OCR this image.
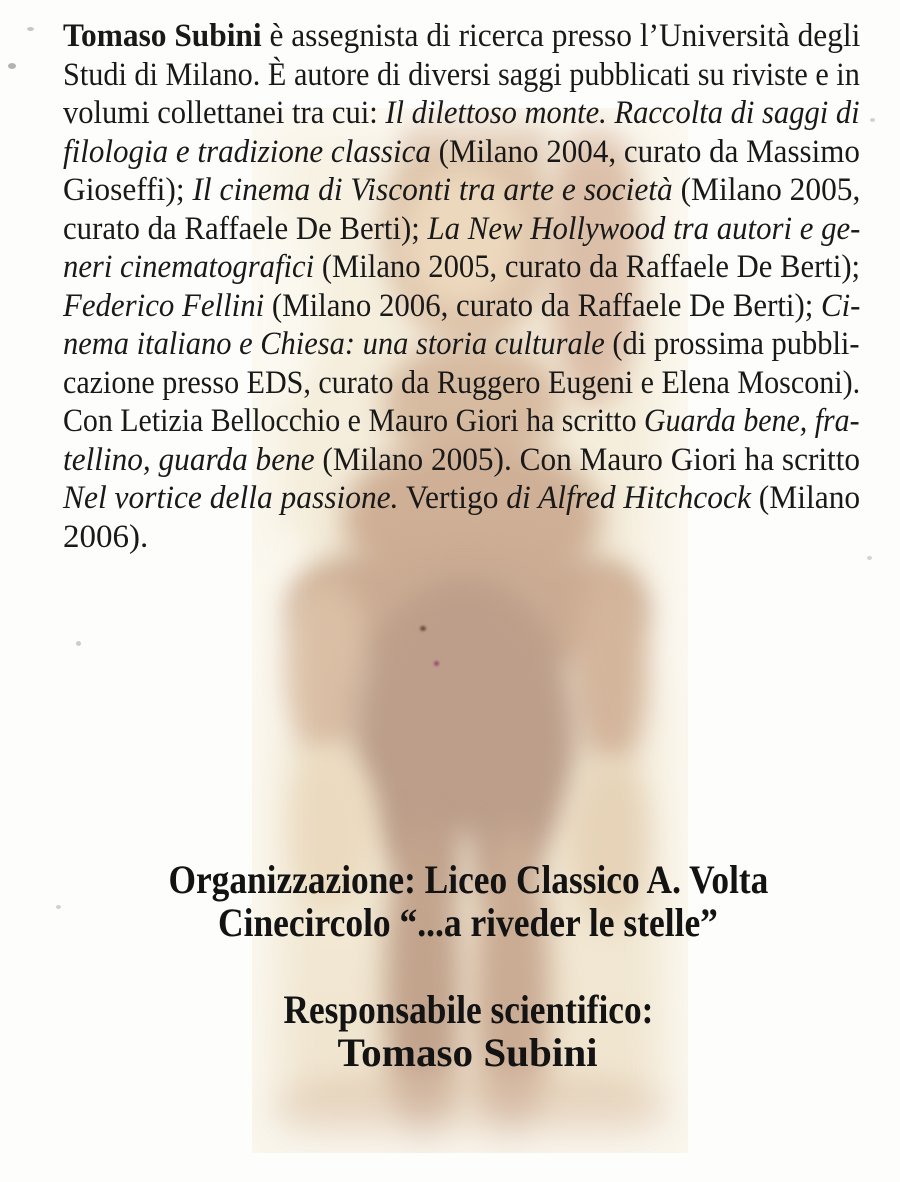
Tomaso Subini è assegnista di ricerca presso l’Università degli
Studi di Milano. È autore di diversi saggi pubblicati su riviste e in
volumi collettanei tra cui: Il dilettoso monte. Raccolta di saggi di
filologia e tradizione classica (Milano 2004, curato da Massimo
Gioseffi); Il cinema di Visconti tra arte e società (Milano 2005,
curato da Raffaele De Berti); La New Hollywood tra autori e ge-
neri cinematografici (Milano 2005, curato da Raffaele De Berti);
Federico Fellini (Milano 2006, curato da Raffaele De Berti); Ci-
nema italiano e Chiesa: una storia culturale (di prossima pubbli-
cazione presso EDS, curato da Ruggero Eugeni e Elena Mosconi).
Con Letizia Bellocchio e Mauro Giori ha scritto Guarda bene, fra-
tellino, guarda bene (Milano 2005). Con Mauro Giori ha scritto
Nel vortice della passione. Vertigo di Alfred Hitchcock (Milano
2006).
Organizzazione: Liceo Classico A. Volta
Cinecircolo “...a riveder le stelle”
Responsabile scientifico:
Tomaso Subini
